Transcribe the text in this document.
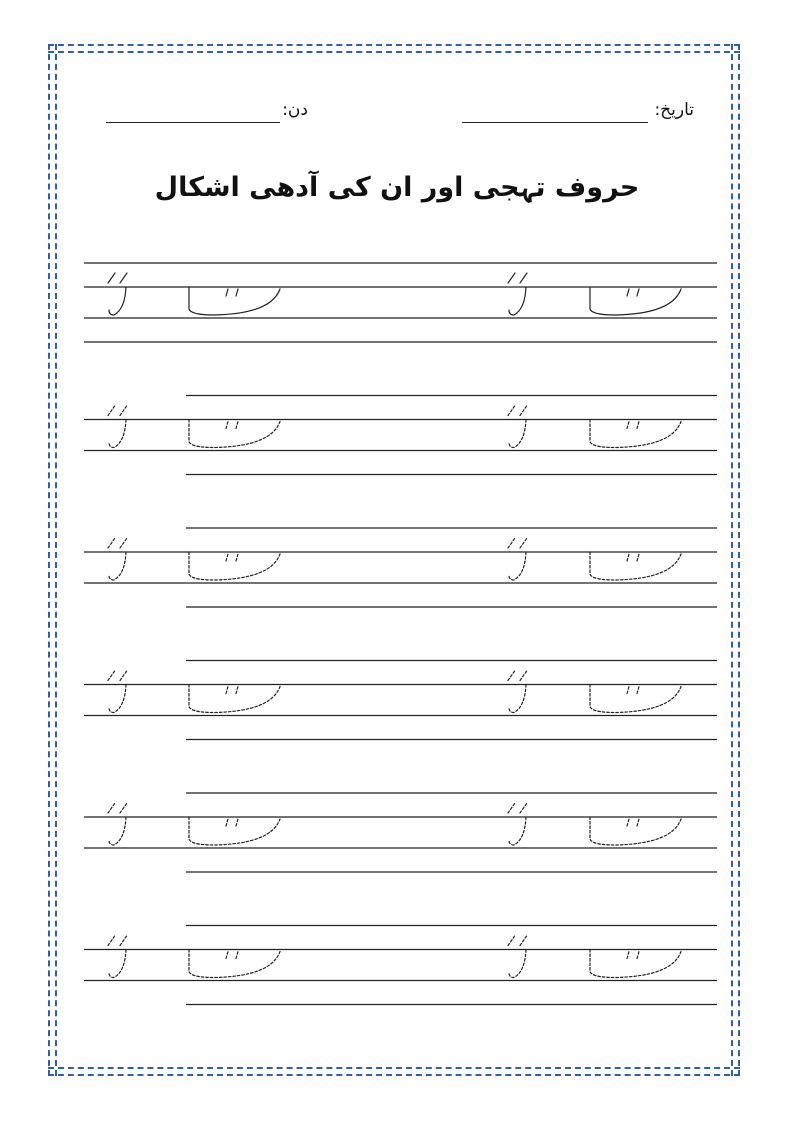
تاریخ:
دن:
حروف تہجی اور ان کی آدھی اشکال
